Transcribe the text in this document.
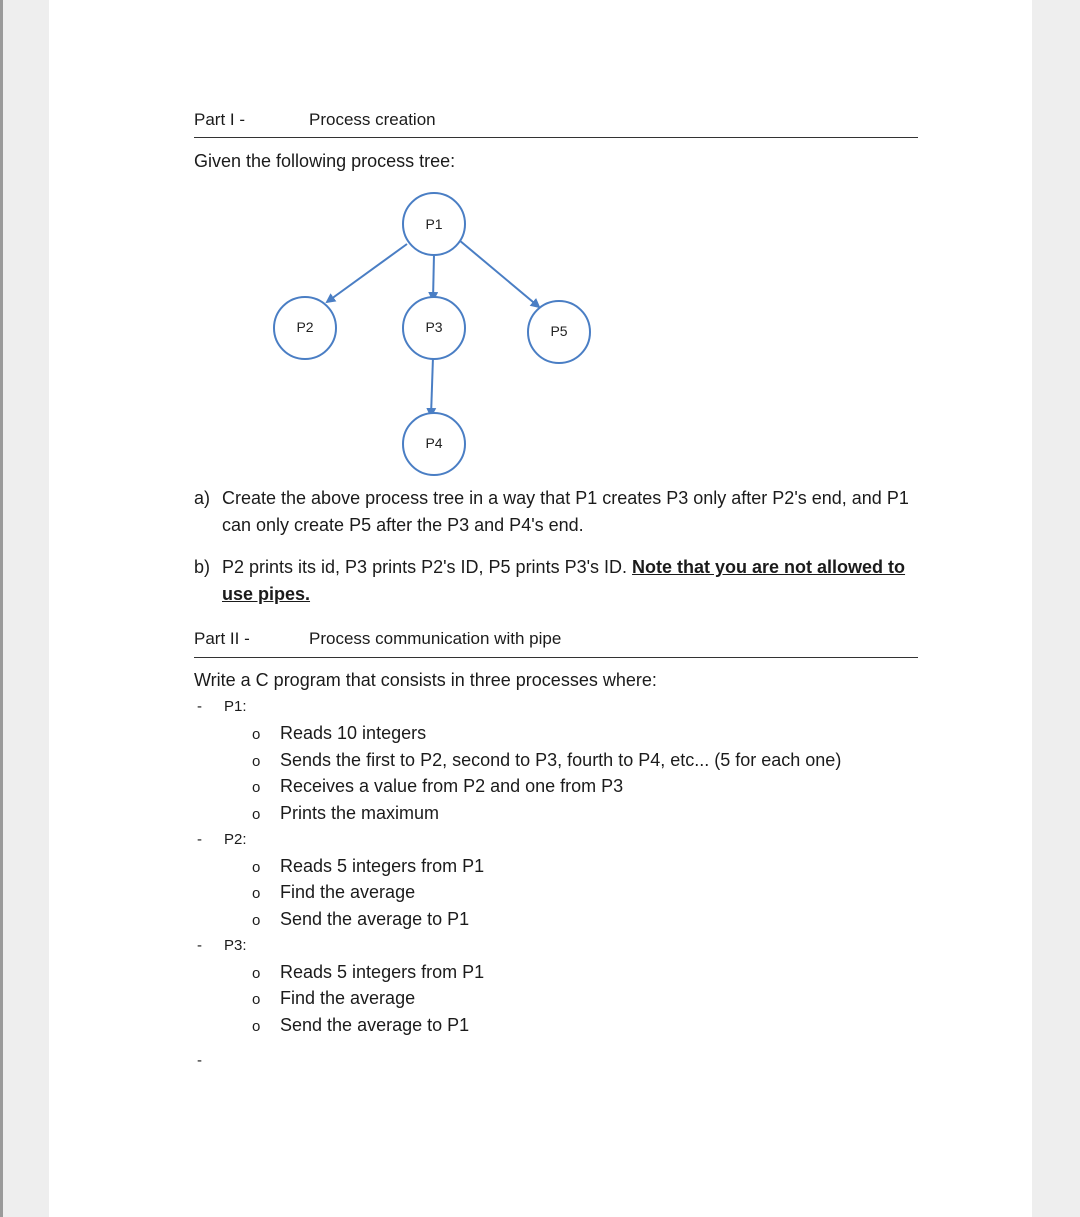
Part I -	Process creation
Given the following process tree:
P1
P2	P3	P5
P4
a) Create the above process tree in a way that P1 creates P3 only after P2's end, and P1
can only create P5 after the P3 and P4's end.
b) P2 prints its id, P3 prints P2's ID, P5 prints P3's ID. Note that you are not allowed to
use pipes.
Part II -	Process communication with pipe
Write a C program that consists in three processes where:
- P1:
o Reads 10 integers
o Sends the first to P2, second to P3, fourth to P4, etc... (5 for each one)
o Receives a value from P2 and one from P3
o Prints the maximum
- P2:
o Reads 5 integers from P1
o Find the average
o Send the average to P1
- P3:
o Reads 5 integers from P1
o Find the average
o Send the average to P1
-
